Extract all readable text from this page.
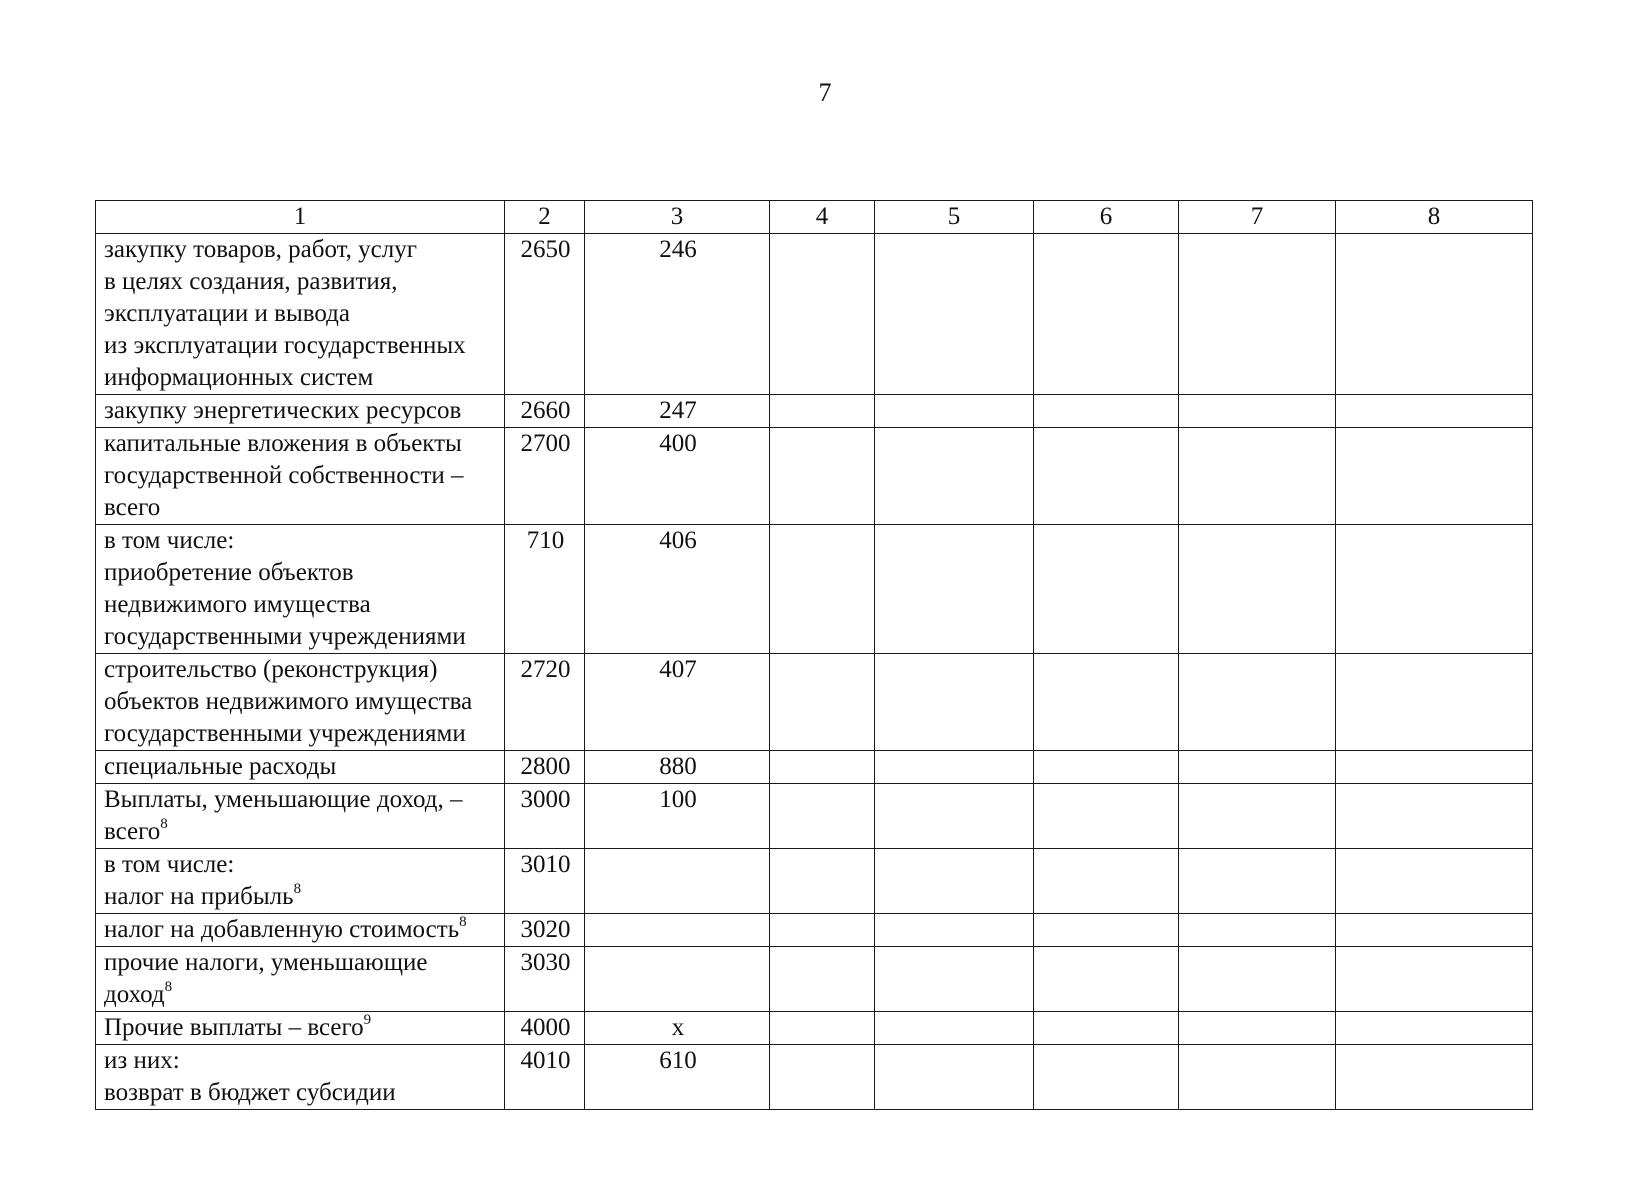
7
1	2	3	4	5	6	7	8
закупку товаров, работ, услуг
в целях создания, развития,
эксплуатации и вывода
из эксплуатации государственных
информационных систем	2650	246					
закупку энергетических ресурсов	2660	247					
капитальные вложения в объекты
государственной собственности –
всего	2700	400					
в том числе:
приобретение объектов
недвижимого имущества
государственными учреждениями	710	406					
строительство (реконструкция)
объектов недвижимого имущества
государственными учреждениями	2720	407					
специальные расходы	2800	880					
Выплаты, уменьшающие доход, –
всего$^8$	3000	100					
в том числе:
налог на прибыль$^8$	3010						
налог на добавленную стоимость$^8$	3020						
прочие налоги, уменьшающие
доход$^8$	3030						
Прочие выплаты – всего$^9$	4000	х					
из них:
возврат в бюджет субсидии	4010	610					
